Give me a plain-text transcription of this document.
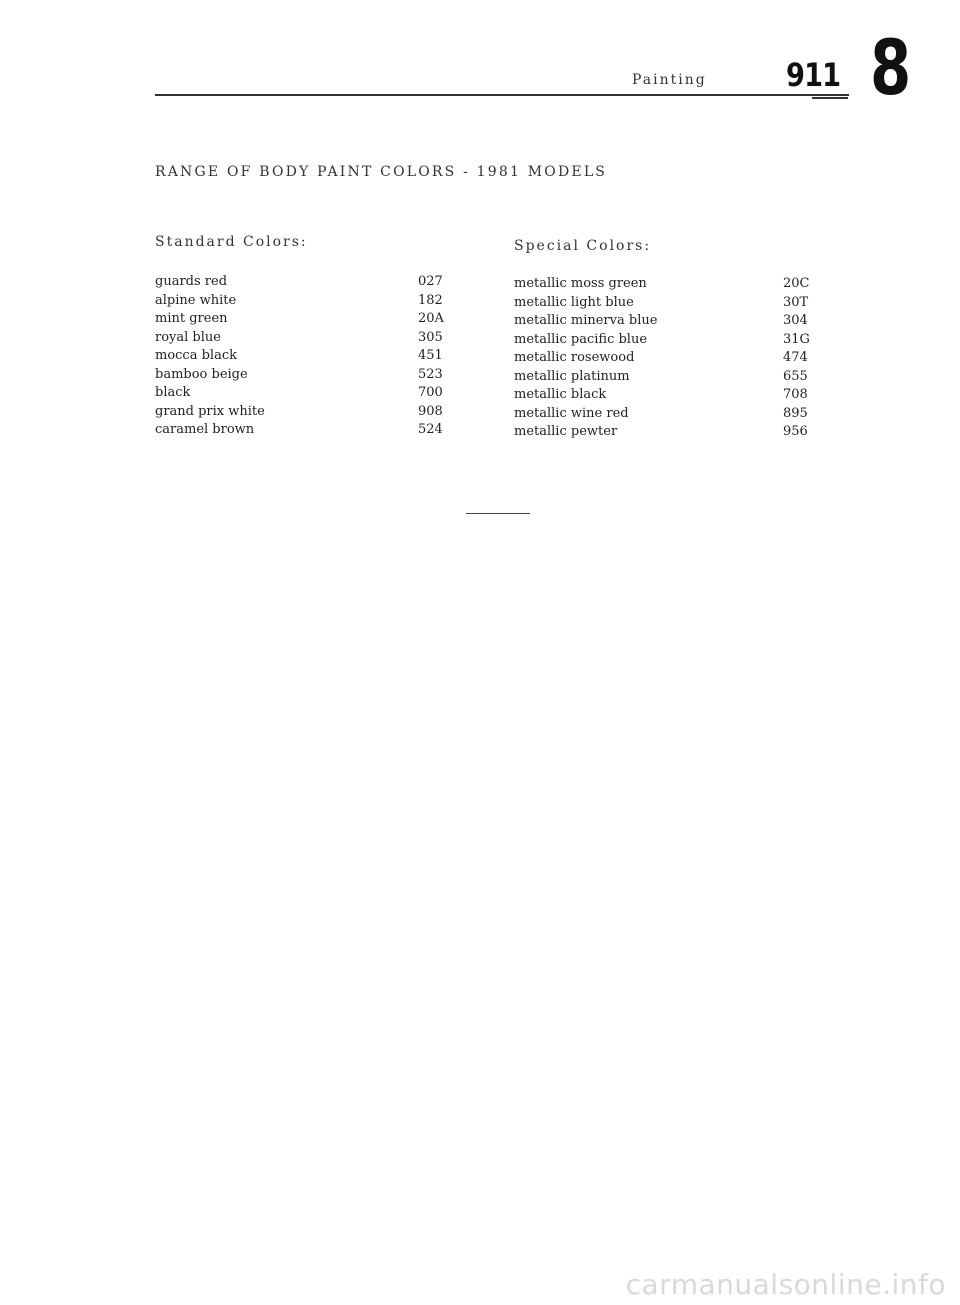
Painting 911 8
RANGE OF BODY PAINT COLORS - 1981 MODELS
Standard Colors:	Special Colors:
guards red	027
alpine white	182
mint green	20A
royal blue	305
mocca black	451
bamboo beige	523
black	700
grand prix white	908
caramel brown	524
metallic moss green	20C
metallic light blue	30T
metallic minerva blue	304
metallic pacific blue	31G
metallic rosewood	474
metallic platinum	655
metallic black	708
metallic wine red	895
metallic pewter	956
carmanualsonline.info
